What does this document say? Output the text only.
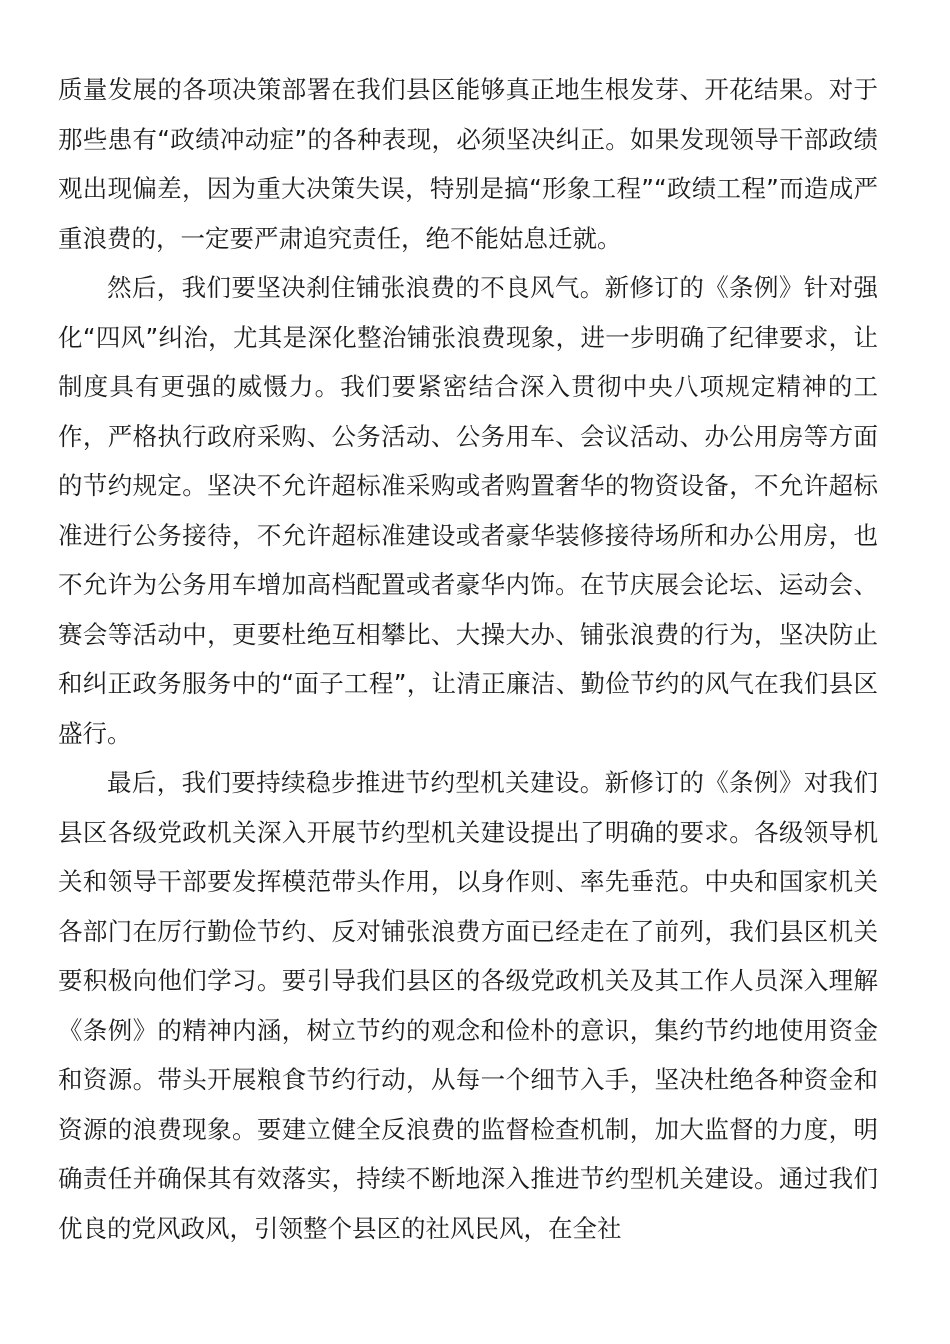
质量发展的各项决策部署在我们县区能够真正地生根发芽、开花结果。对于那些患有“政绩冲动症”的各种表现，必须坚决纠正。如果发现领导干部政绩观出现偏差，因为重大决策失误，特别是搞“形象工程”“政绩工程”而造成严重浪费的，一定要严肃追究责任，绝不能姑息迁就。

然后，我们要坚决刹住铺张浪费的不良风气。新修订的《条例》针对强化“四风”纠治，尤其是深化整治铺张浪费现象，进一步明确了纪律要求，让制度具有更强的威慑力。我们要紧密结合深入贯彻中央八项规定精神的工作，严格执行政府采购、公务活动、公务用车、会议活动、办公用房等方面的节约规定。坚决不允许超标准采购或者购置奢华的物资设备，不允许超标准进行公务接待，不允许超标准建设或者豪华装修接待场所和办公用房，也不允许为公务用车增加高档配置或者豪华内饰。在节庆展会论坛、运动会、赛会等活动中，更要杜绝互相攀比、大操大办、铺张浪费的行为，坚决防止和纠正政务服务中的“面子工程”，让清正廉洁、勤俭节约的风气在我们县区盛行。

最后，我们要持续稳步推进节约型机关建设。新修订的《条例》对我们县区各级党政机关深入开展节约型机关建设提出了明确的要求。各级领导机关和领导干部要发挥模范带头作用，以身作则、率先垂范。中央和国家机关各部门在厉行勤俭节约、反对铺张浪费方面已经走在了前列，我们县区机关要积极向他们学习。要引导我们县区的各级党政机关及其工作人员深入理解《条例》的精神内涵，树立节约的观念和俭朴的意识，集约节约地使用资金和资源。带头开展粮食节约行动，从每一个细节入手，坚决杜绝各种资金和资源的浪费现象。要建立健全反浪费的监督检查机制，加大监督的力度，明确责任并确保其有效落实，持续不断地深入推进节约型机关建设。通过我们优良的党风政风，引领整个县区的社风民风，在全社
